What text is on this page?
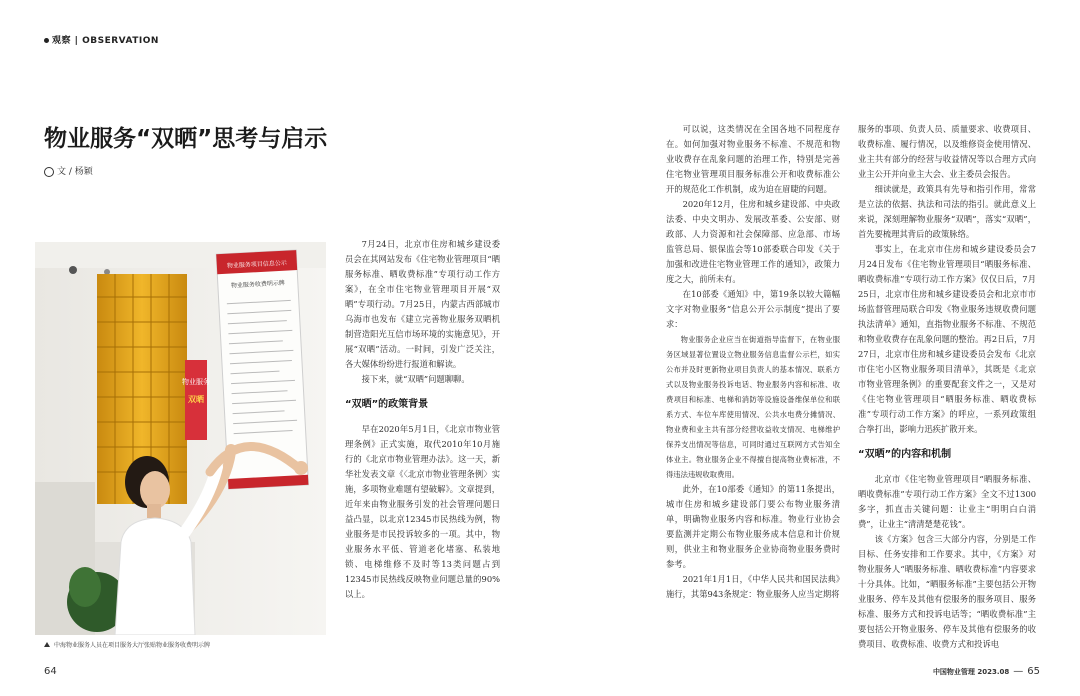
观察 | OBSERVATION
物业服务“双晒”思考与启示
文 / 杨颖
物业服务
双晒
物业服务项目信息公示
物业服务收费明示牌
中海物业服务人员在项目服务大厅张贴物业服务收费明示牌

7月24日，北京市住房和城乡建设委员会在其网站发布《住宅物业管理项目“晒服务标准、晒收费标准”专项行动工作方案》，在全市住宅物业管理项目开展“双晒”专项行动。7月25日，内蒙古西部城市乌海市也发布《建立完善物业服务双晒机制营造阳光互信市场环境的实施意见》，开展“双晒”活动。一时间，引发广泛关注，各大媒体纷纷进行报道和解读。

接下来，就“双晒”问题聊聊。

“双晒”的政策背景

早在2020年5月1日，《北京市物业管理条例》正式实施，取代2010年10月施行的《北京市物业管理办法》。这一天，新华社发表文章《〈北京市物业管理条例〉实施，多项物业难题有望破解》。文章提到，近年来由物业服务引发的社会管理问题日益凸显，以北京12345市民热线为例，物业服务是市民投诉较多的一项。其中，物业服务水平低、管道老化堵塞、私装地锁、电梯维修不及时等13类问题占到12345市民热线反映物业问题总量的90%以上。

可以说，这类情况在全国各地不同程度存在。如何加强对物业服务不标准、不规范和物业收费存在乱象问题的治理工作，特别是完善住宅物业管理项目服务标准公开和收费标准公开的规范化工作机制，成为迫在眉睫的问题。

2020年12月，住房和城乡建设部、中央政法委、中央文明办、发展改革委、公安部、财政部、人力资源和社会保障部、应急部、市场监管总局、银保监会等10部委联合印发《关于加强和改进住宅物业管理工作的通知》，政策力度之大，前所未有。

在10部委《通知》中，第19条以较大篇幅文字对物业服务“信息公开公示制度”提出了要求：

物业服务企业应当在街道指导监督下，在物业服务区域显著位置设立物业服务信息监督公示栏，如实公布并及时更新物业项目负责人的基本情况、联系方式以及物业服务投诉电话、物业服务内容和标准、收费项目和标准、电梯和消防等设施设备维保单位和联系方式、车位车库使用情况、公共水电费分摊情况、物业费和业主共有部分经营收益收支情况、电梯维护保养支出情况等信息，可同时通过互联网方式告知全体业主。物业服务企业不得擅自提高物业费标准，不得违法违规收取费用。

此外，在10部委《通知》的第11条提出，城市住房和城乡建设部门要公布物业服务清单，明确物业服务内容和标准。物业行业协会要监测并定期公布物业服务成本信息和计价规则，供业主和物业服务企业协商物业服务费时参考。

2021年1月1日，《中华人民共和国民法典》施行，其第943条规定：物业服务人应当定期将

服务的事项、负责人员、质量要求、收费项目、收费标准、履行情况，以及维修资金使用情况、业主共有部分的经营与收益情况等以合理方式向业主公开并向业主大会、业主委员会报告。

细读就是，政策具有先导和指引作用，常常是立法的依据、执法和司法的指引。就此意义上来说，深刻理解物业服务“双晒”，落实“双晒”，首先要梳理其背后的政策脉络。

事实上，在北京市住房和城乡建设委员会7月24日发布《住宅物业管理项目“晒服务标准、晒收费标准”专项行动工作方案》仅仅日后，7月25日，北京市住房和城乡建设委员会和北京市市场监督管理局联合印发《物业服务违规收费问题执法清单》通知，直指物业服务不标准、不规范和物业收费存在乱象问题的整治。再2日后，7月27日，北京市住房和城乡建设委员会发布《北京市住宅小区物业服务项目清单》，其既是《北京市物业管理条例》的重要配套文件之一，又是对《住宅物业管理项目“晒服务标准、晒收费标准”专项行动工作方案》的呼应，一系列政策组合拳打出，影响力迅疾扩散开来。

“双晒”的内容和机制

北京市《住宅物业管理项目“晒服务标准、晒收费标准”专项行动工作方案》全文不过1300多字，抓直击关键问题：让业主“明明白白消费”，让业主“清清楚楚花钱”。

该《方案》包含三大部分内容，分别是工作目标、任务安排和工作要求。其中，《方案》对物业服务人“晒服务标准、晒收费标准”内容要求十分具体。比如，“晒服务标准”主要包括公开物业服务、停车及其他有偿服务的服务项目、服务标准、服务方式和投诉电话等；“晒收费标准”主要包括公开物业服务、停车及其他有偿服务的收费项目、收费标准、收费方式和投诉电

64	中国物业管理 2023.08 — 65
